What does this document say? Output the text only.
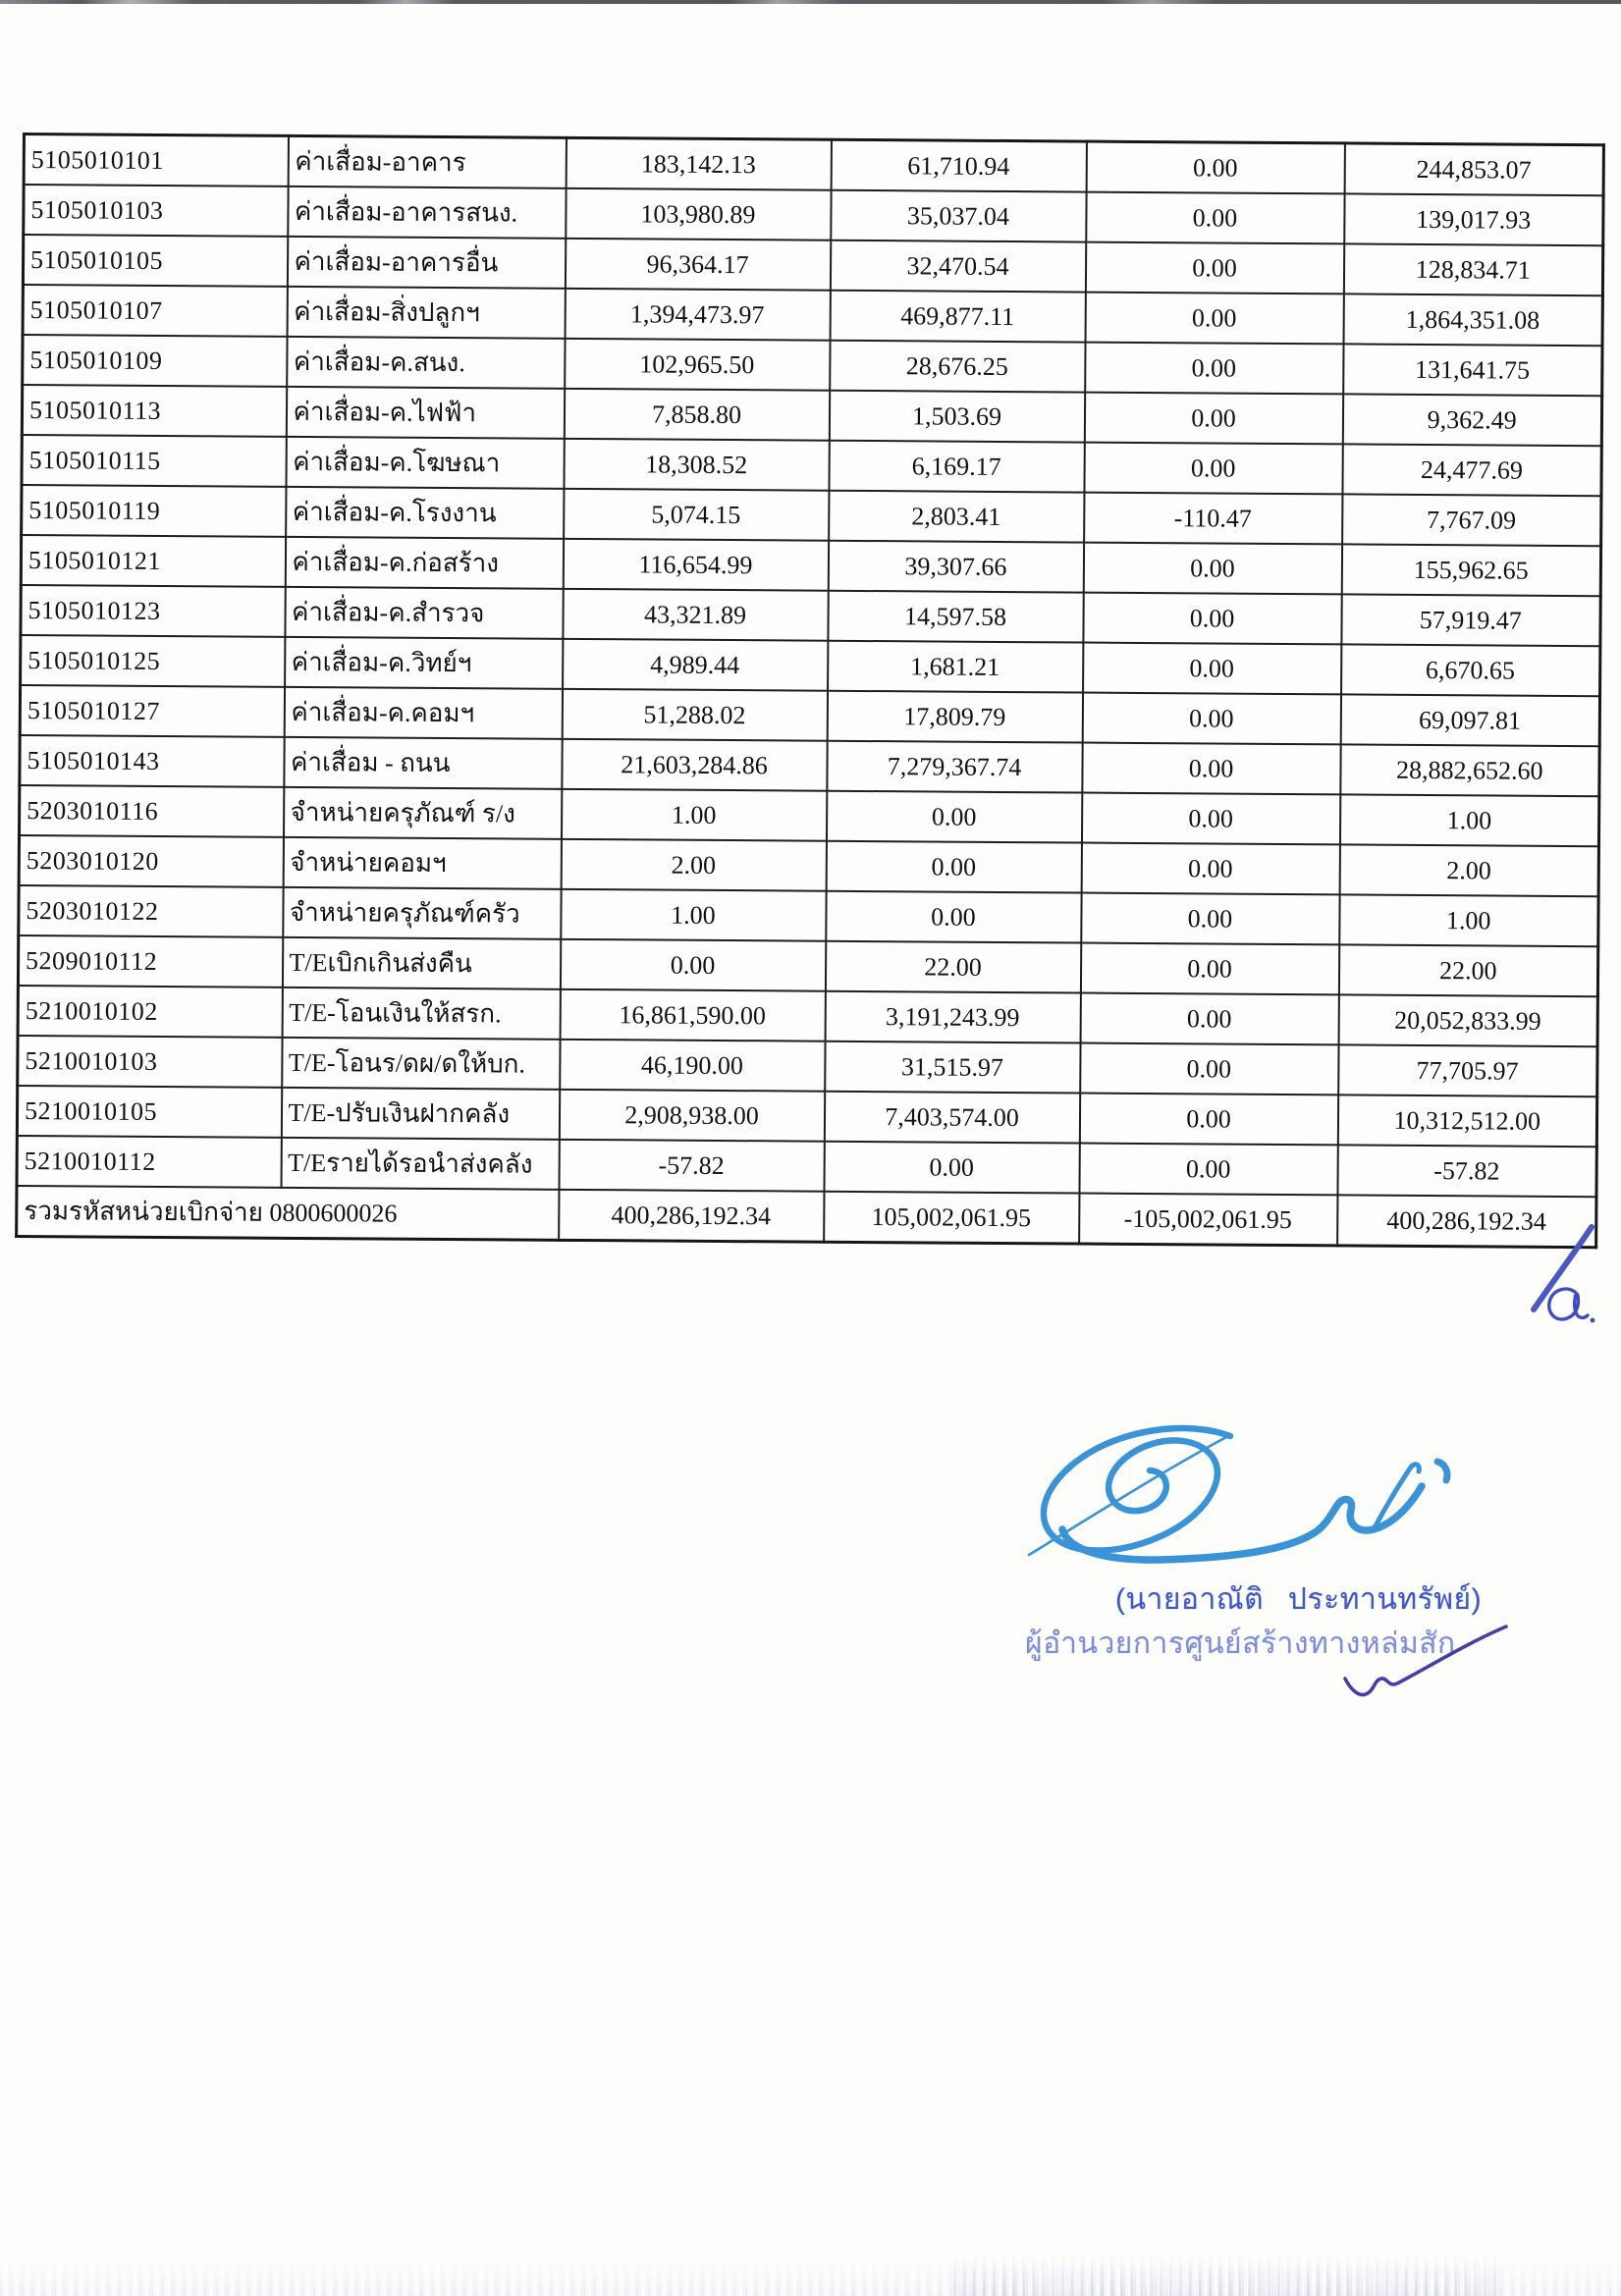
5105010101	ค่าเสื่อม-อาคาร	183,142.13	61,710.94	0.00	244,853.07
5105010103	ค่าเสื่อม-อาคารสนง.	103,980.89	35,037.04	0.00	139,017.93
5105010105	ค่าเสื่อม-อาคารอื่น	96,364.17	32,470.54	0.00	128,834.71
5105010107	ค่าเสื่อม-สิ่งปลูกฯ	1,394,473.97	469,877.11	0.00	1,864,351.08
5105010109	ค่าเสื่อม-ค.สนง.	102,965.50	28,676.25	0.00	131,641.75
5105010113	ค่าเสื่อม-ค.ไฟฟ้า	7,858.80	1,503.69	0.00	9,362.49
5105010115	ค่าเสื่อม-ค.โฆษณา	18,308.52	6,169.17	0.00	24,477.69
5105010119	ค่าเสื่อม-ค.โรงงาน	5,074.15	2,803.41	-110.47	7,767.09
5105010121	ค่าเสื่อม-ค.ก่อสร้าง	116,654.99	39,307.66	0.00	155,962.65
5105010123	ค่าเสื่อม-ค.สำรวจ	43,321.89	14,597.58	0.00	57,919.47
5105010125	ค่าเสื่อม-ค.วิทย์ฯ	4,989.44	1,681.21	0.00	6,670.65
5105010127	ค่าเสื่อม-ค.คอมฯ	51,288.02	17,809.79	0.00	69,097.81
5105010143	ค่าเสื่อม - ถนน	21,603,284.86	7,279,367.74	0.00	28,882,652.60
5203010116	จำหน่ายครุภัณฑ์ ร/ง	1.00	0.00	0.00	1.00
5203010120	จำหน่ายคอมฯ	2.00	0.00	0.00	2.00
5203010122	จำหน่ายครุภัณฑ์ครัว	1.00	0.00	0.00	1.00
5209010112	T/Eเบิกเกินส่งคืน	0.00	22.00	0.00	22.00
5210010102	T/E-โอนเงินให้สรก.	16,861,590.00	3,191,243.99	0.00	20,052,833.99
5210010103	T/E-โอนร/ดผ/ดให้บก.	46,190.00	31,515.97	0.00	77,705.97
5210010105	T/E-ปรับเงินฝากคลัง	2,908,938.00	7,403,574.00	0.00	10,312,512.00
5210010112	T/Eรายได้รอนำส่งคลัง	-57.82	0.00	0.00	-57.82
รวมรหัสหน่วยเบิกจ่าย 0800600026		400,286,192.34	105,002,061.95	-105,002,061.95	400,286,192.34
(นายอาณัติ ประทานทรัพย์)
ผู้อำนวยการศูนย์สร้างทางหล่มสัก
